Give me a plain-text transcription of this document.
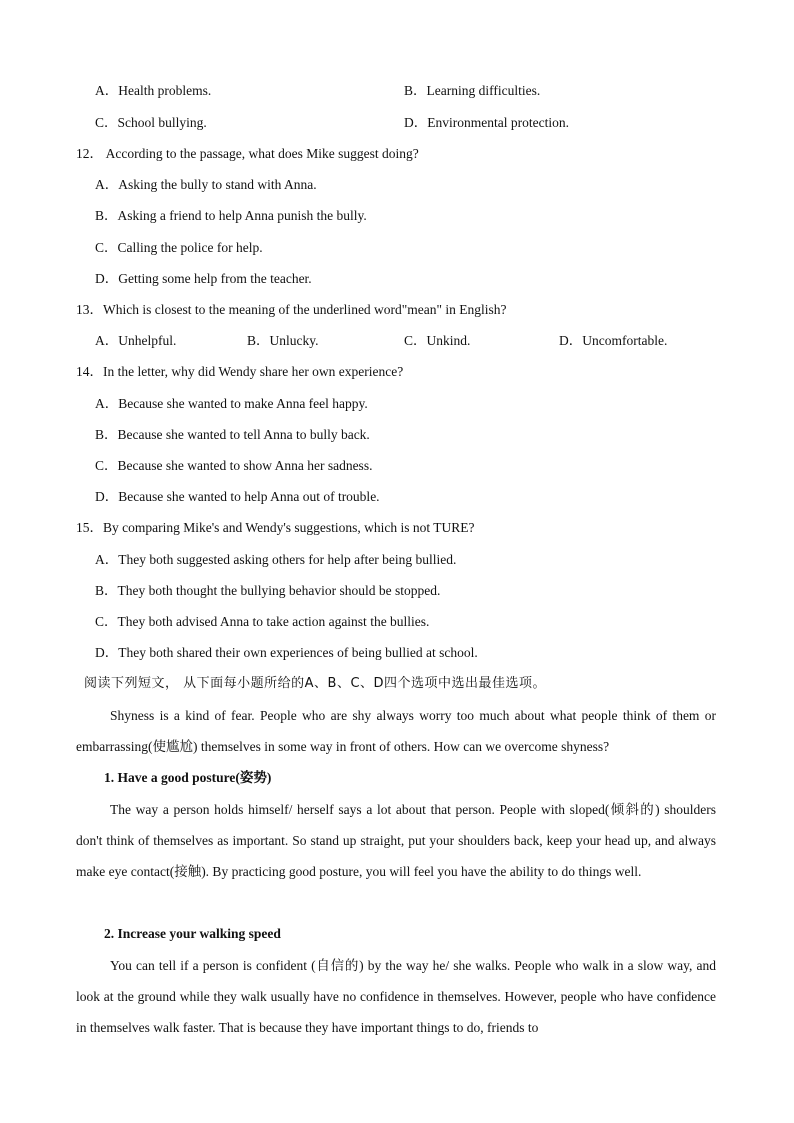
A．Health problems.	B．Learning difficulties.
C．School bullying.	D．Environmental protection.
12． According to the passage, what does Mike suggest doing?
A．Asking the bully to stand with Anna.
B．Asking a friend to help Anna punish the bully.
C．Calling the police for help.
D．Getting some help from the teacher.
13．Which is closest to the meaning of the underlined word"mean" in English?
A．Unhelpful.	B．Unlucky.	C．Unkind.	D．Uncomfortable.
14．In the letter, why did Wendy share her own experience?
A．Because she wanted to make Anna feel happy.
B．Because she wanted to tell Anna to bully back.
C．Because she wanted to show Anna her sadness.
D．Because she wanted to help Anna out of trouble.
15．By comparing Mike's and Wendy's suggestions, which is not TURE?
A．They both suggested asking others for help after being bullied.
B．They both thought the bullying behavior should be stopped.
C．They both advised Anna to take action against the bullies.
D．They both shared their own experiences of being bullied at school.
阅读下列短文， 从下面每小题所给的A、B、C、D四个选项中选出最佳选项。
Shyness is a kind of fear. People who are shy always worry too much about what people think of them or embarrassing(使尴尬) themselves in some way in front of others. How can we overcome shyness?
1. Have a good posture(姿势)
The way a person holds himself/ herself says a lot about that person. People with sloped(倾斜的) shoulders don't think of themselves as important. So stand up straight, put your shoulders back, keep your head up, and always make eye contact(接触). By practicing good posture, you will feel you have the ability to do things well.
2. Increase your walking speed
You can tell if a person is confident (自信的) by the way he/ she walks. People who walk in a slow way, and look at the ground while they walk usually have no confidence in themselves. However, people who have confidence in themselves walk faster. That is because they have important things to do, friends to
